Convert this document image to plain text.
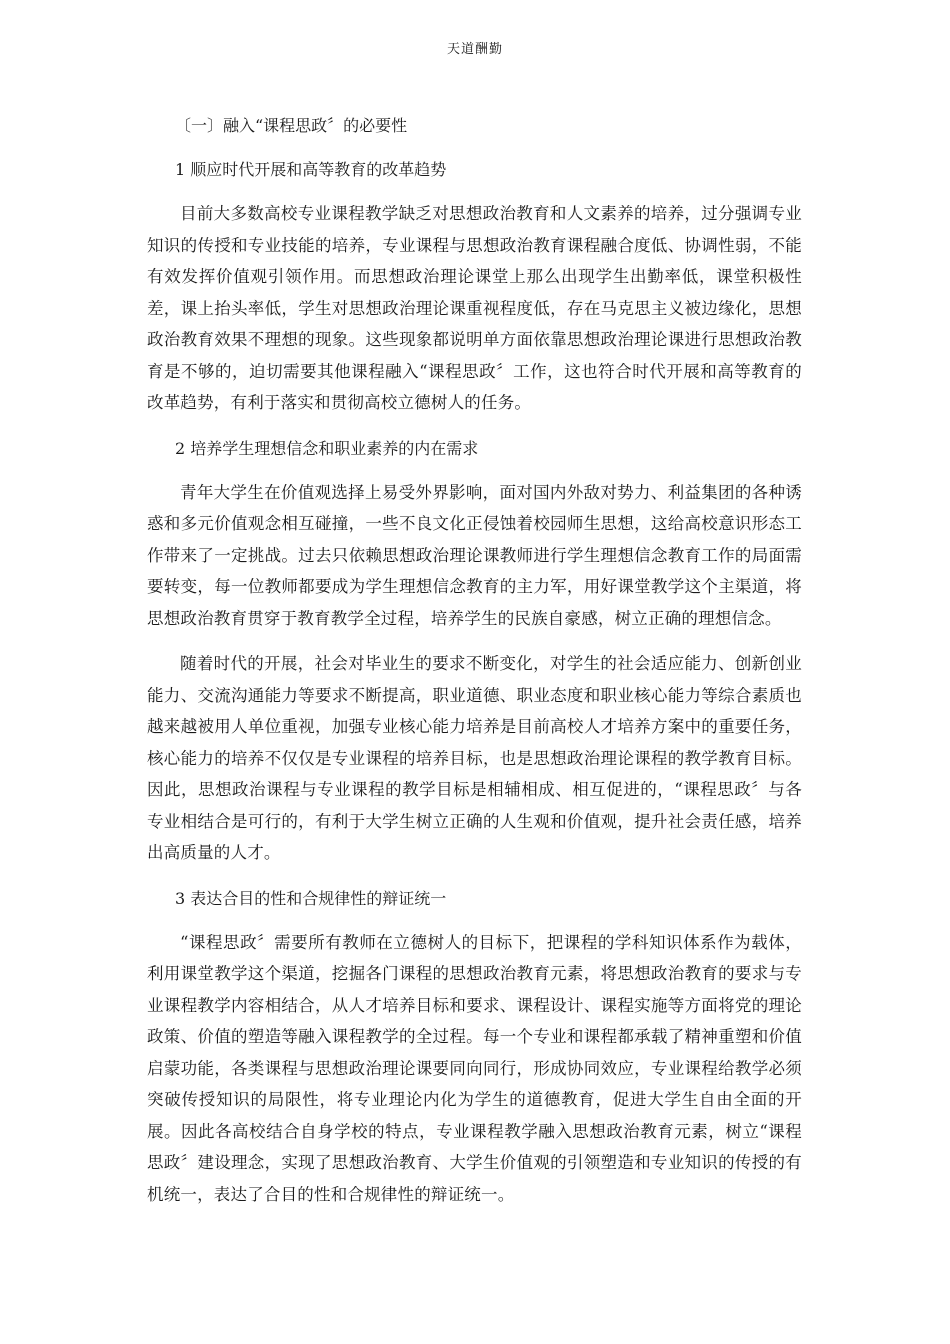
天道酬勤
〔一〕融入“课程思政〞的必要性
1 顺应时代开展和高等教育的改革趋势

目前大多数高校专业课程教学缺乏对思想政治教育和人文素养的培养，过分强调专业知识的传授和专业技能的培养，专业课程与思想政治教育课程融合度低、协调性弱，不能有效发挥价值观引领作用。而思想政治理论课堂上那么出现学生出勤率低，课堂积极性差，课上抬头率低，学生对思想政治理论课重视程度低，存在马克思主义被边缘化，思想政治教育效果不理想的现象。这些现象都说明单方面依靠思想政治理论课进行思想政治教育是不够的，迫切需要其他课程融入“课程思政〞工作，这也符合时代开展和高等教育的改革趋势，有利于落实和贯彻高校立德树人的任务。

2 培养学生理想信念和职业素养的内在需求

青年大学生在价值观选择上易受外界影响，面对国内外敌对势力、利益集团的各种诱惑和多元价值观念相互碰撞，一些不良文化正侵蚀着校园师生思想，这给高校意识形态工作带来了一定挑战。过去只依赖思想政治理论课教师进行学生理想信念教育工作的局面需要转变，每一位教师都要成为学生理想信念教育的主力军，用好课堂教学这个主渠道，将思想政治教育贯穿于教育教学全过程，培养学生的民族自豪感，树立正确的理想信念。

随着时代的开展，社会对毕业生的要求不断变化，对学生的社会适应能力、创新创业能力、交流沟通能力等要求不断提高，职业道德、职业态度和职业核心能力等综合素质也越来越被用人单位重视，加强专业核心能力培养是目前高校人才培养方案中的重要任务，核心能力的培养不仅仅是专业课程的培养目标，也是思想政治理论课程的教学教育目标。因此，思想政治课程与专业课程的教学目标是相辅相成、相互促进的，“课程思政〞与各专业相结合是可行的，有利于大学生树立正确的人生观和价值观，提升社会责任感，培养出高质量的人才。

3 表达合目的性和合规律性的辩证统一

“课程思政〞需要所有教师在立德树人的目标下，把课程的学科知识体系作为载体，利用课堂教学这个渠道，挖掘各门课程的思想政治教育元素，将思想政治教育的要求与专业课程教学内容相结合，从人才培养目标和要求、课程设计、课程实施等方面将党的理论政策、价值的塑造等融入课程教学的全过程。每一个专业和课程都承载了精神重塑和价值启蒙功能，各类课程与思想政治理论课要同向同行，形成协同效应，专业课程给教学必须突破传授知识的局限性，将专业理论内化为学生的道德教育，促进大学生自由全面的开展。因此各高校结合自身学校的特点，专业课程教学融入思想政治教育元素，树立“课程思政〞建设理念，实现了思想政治教育、大学生价值观的引领塑造和专业知识的传授的有机统一，表达了合目的性和合规律性的辩证统一。
